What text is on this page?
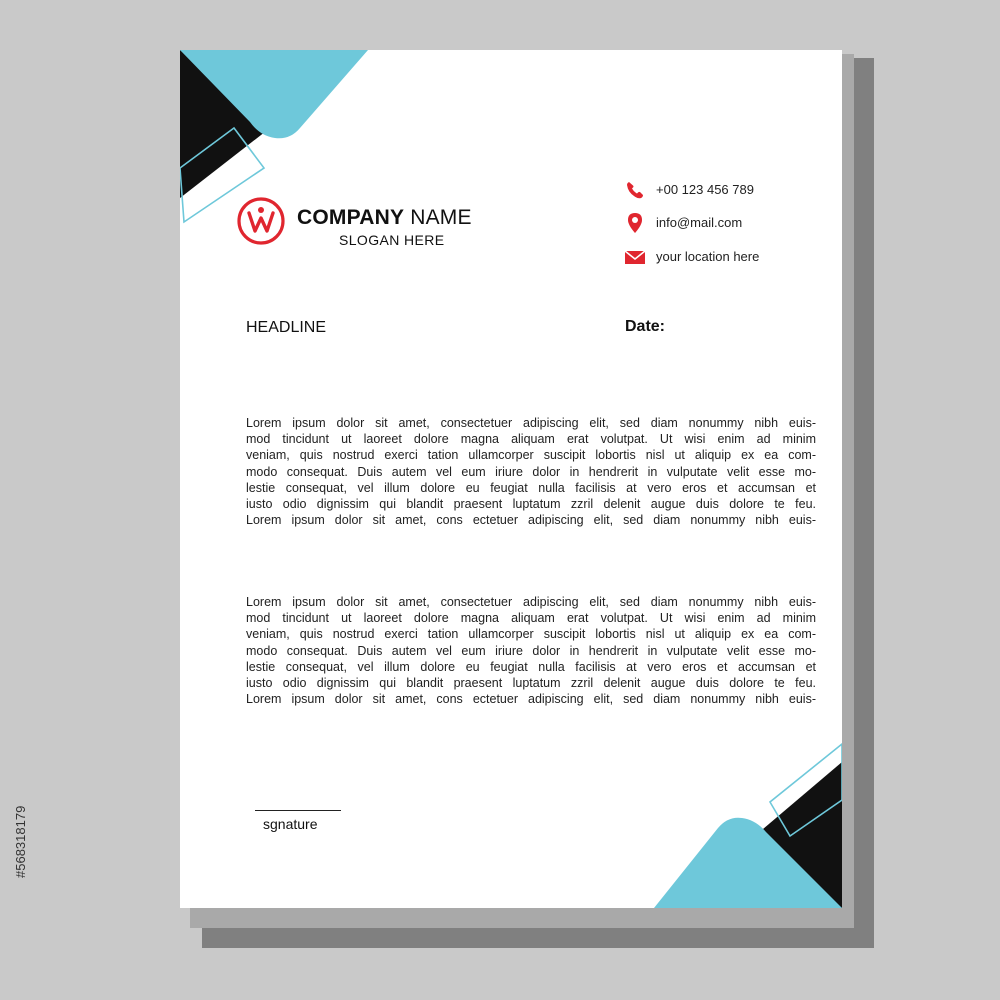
COMPANY NAME
SLOGAN HERE
+00 123 456 789
info@mail.com
your location here
HEADLINE	Date:
Lorem ipsum dolor sit amet, consectetuer adipiscing elit, sed diam nonummy nibh euis-
mod tincidunt ut laoreet dolore magna aliquam erat volutpat. Ut wisi enim ad minim
veniam, quis nostrud exerci tation ullamcorper suscipit lobortis nisl ut aliquip ex ea com-
modo consequat. Duis autem vel eum iriure dolor in hendrerit in vulputate velit esse mo-
lestie consequat, vel illum dolore eu feugiat nulla facilisis at vero eros et accumsan et
iusto odio dignissim qui blandit praesent luptatum zzril delenit augue duis dolore te feu.
Lorem ipsum dolor sit amet, cons ectetuer adipiscing elit, sed diam nonummy nibh euis-
Lorem ipsum dolor sit amet, consectetuer adipiscing elit, sed diam nonummy nibh euis-
mod tincidunt ut laoreet dolore magna aliquam erat volutpat. Ut wisi enim ad minim
veniam, quis nostrud exerci tation ullamcorper suscipit lobortis nisl ut aliquip ex ea com-
modo consequat. Duis autem vel eum iriure dolor in hendrerit in vulputate velit esse mo-
lestie consequat, vel illum dolore eu feugiat nulla facilisis at vero eros et accumsan et
iusto odio dignissim qui blandit praesent luptatum zzril delenit augue duis dolore te feu.
Lorem ipsum dolor sit amet, cons ectetuer adipiscing elit, sed diam nonummy nibh euis-
sgnature
#568318179
